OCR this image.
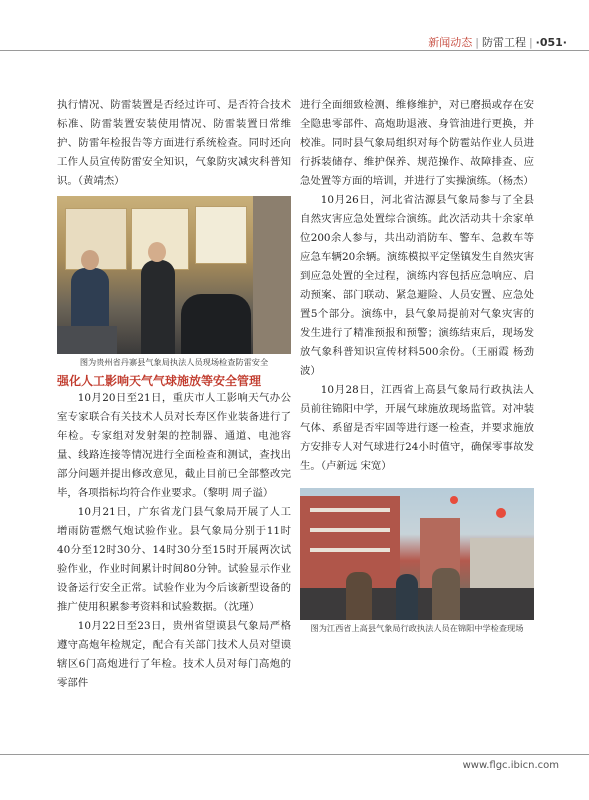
新闻动态 | 防雷工程 | ·051·

执行情况、防雷装置是否经过许可、是否符合技术标准、防雷装置安装使用情况、防雷装置日常维护、防雷年检报告等方面进行系统检查。同时还向工作人员宣传防雷安全知识，气象防灾减灾科普知识。（黄靖杰）

图为贵州省丹寨县气象局执法人员现场检查防雷安全
强化人工影响天气气球施放等安全管理

10月20日至21日，重庆市人工影响天气办公室专家联合有关技术人员对长寿区作业装备进行了年检。专家组对发射架的控制器、通道、电池容量、线路连接等情况进行全面检查和测试，查找出部分问题并提出修改意见，截止目前已全部整改完毕，各项指标均符合作业要求。（黎明 周子溢）

10月21日，广东省龙门县气象局开展了人工增雨防雹燃气炮试验作业。县气象局分别于11时40分至12时30分、14时30分至15时开展两次试验作业，作业时间累计时间80分钟。试验显示作业设备运行安全正常。试验作业为今后该新型设备的推广使用积累参考资料和试验数据。（沈瑾）

10月22日至23日，贵州省望谟县气象局严格遵守高炮年检规定，配合有关部门技术人员对望谟辖区6门高炮进行了年检。技术人员对每门高炮的零部件

进行全面细致检测、维修维护，对已磨损或存在安全隐患零部件、高炮助退液、身管油进行更换，并校准。同时县气象局组织对每个防雹站作业人员进行拆装储存、维护保养、规范操作、故障排查、应急处置等方面的培训，并进行了实操演练。（杨杰）

10月26日，河北省沽源县气象局参与了全县自然灾害应急处置综合演练。此次活动共十余家单位200余人参与，共出动消防车、警车、急救车等应急车辆20余辆。演练模拟平定堡镇发生自然灾害到应急处置的全过程，演练内容包括应急响应、启动预案、部门联动、紧急避险、人员安置、应急处置5个部分。演练中，县气象局提前对气象灾害的发生进行了精准预报和预警；演练结束后，现场发放气象科普知识宣传材料500余份。（王丽霞 杨劲波）

10月28日，江西省上高县气象局行政执法人员前往锦阳中学，开展气球施放现场监管。对冲装气体、系留是否牢固等进行逐一检查，并要求施放方安排专人对气球进行24小时值守，确保零事故发生。（卢新远 宋宽）

图为江西省上高县气象局行政执法人员在锦阳中学检查现场
www.flgc.ibicn.com
